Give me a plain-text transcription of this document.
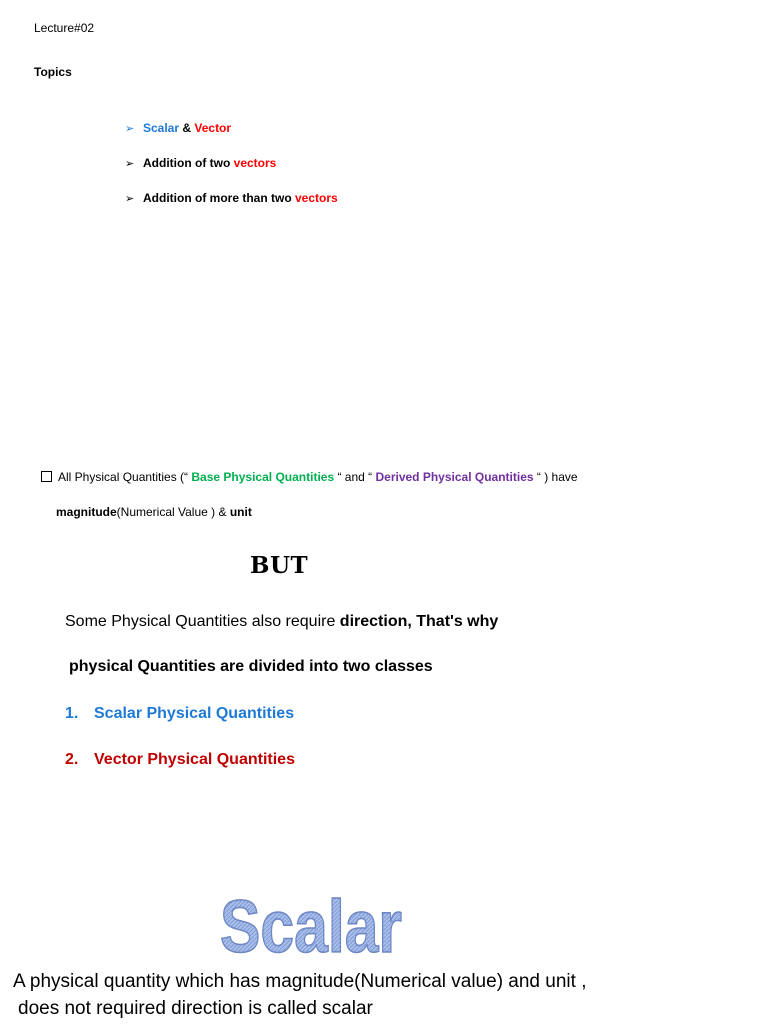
Lecture#02
Topics
➢ Scalar & Vector
➢ Addition of two vectors
➢ Addition of more than two vectors
All Physical Quantities (“ Base Physical Quantities “ and “ Derived Physical Quantities “ ) have
magnitude(Numerical Value ) & unit
BUT
Some Physical Quantities also require direction, That's why
physical Quantities are divided into two classes
1. Scalar Physical Quantities
2. Vector Physical Quantities
Scalar
A physical quantity which has magnitude(Numerical value) and unit ,
does not required direction is called scalar
